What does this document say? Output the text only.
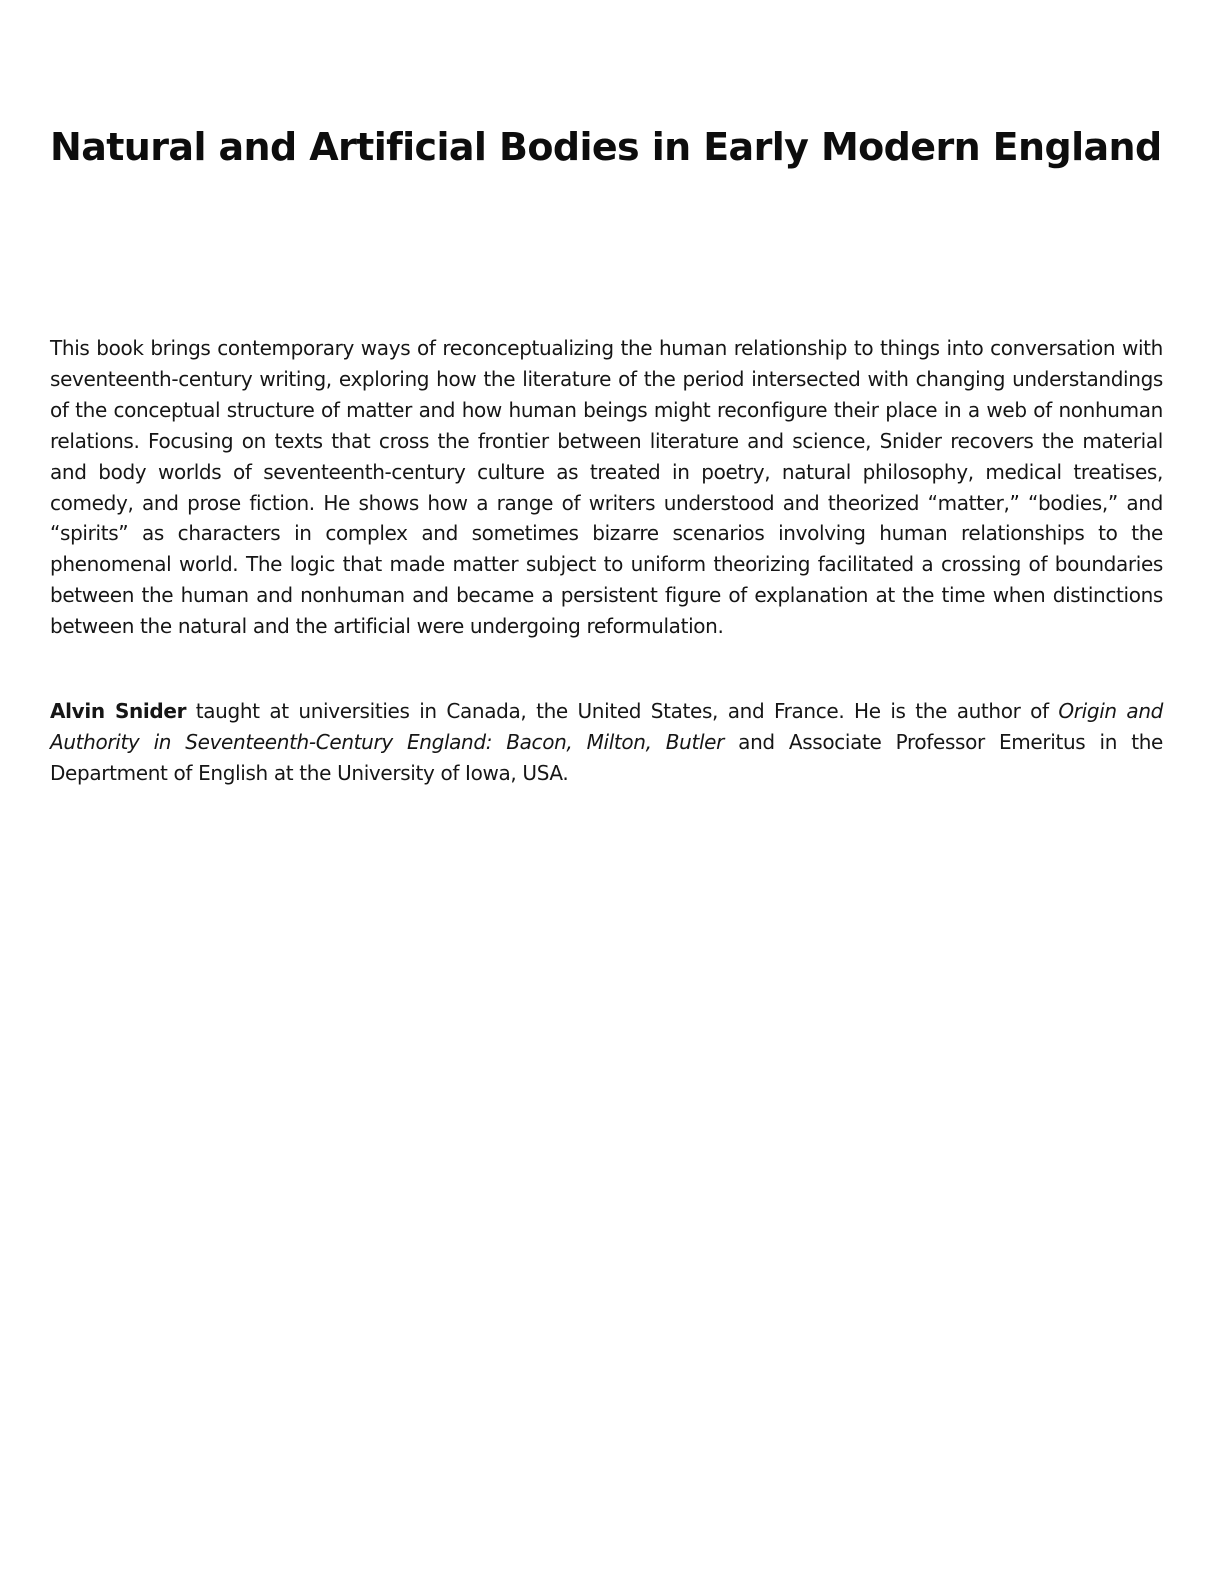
Natural and Artificial Bodies in Early Modern England

This book brings contemporary ways of reconceptualizing the human relationship to things into conversation with seventeenth-century writing, exploring how the literature of the period intersected with changing understandings of the conceptual structure of matter and how human beings might reconfigure their place in a web of nonhuman relations. Focusing on texts that cross the frontier between literature and science, Snider recovers the material and body worlds of seventeenth-century culture as treated in poetry, natural philosophy, medical treatises, comedy, and prose fiction. He shows how a range of writers understood and theorized “matter,” “bodies,” and “spirits” as characters in complex and sometimes bizarre scenarios involving human relationships to the phenomenal world. The logic that made matter subject to uniform theorizing facilitated a crossing of boundaries between the human and nonhuman and became a persistent figure of explanation at the time when distinctions between the natural and the artificial were undergoing reformulation.

Alvin Snider taught at universities in Canada, the United States, and France. He is the author of Origin and Authority in Seventeenth-Century England: Bacon, Milton, Butler and Associate Professor Emeritus in the Department of English at the University of Iowa, USA.
